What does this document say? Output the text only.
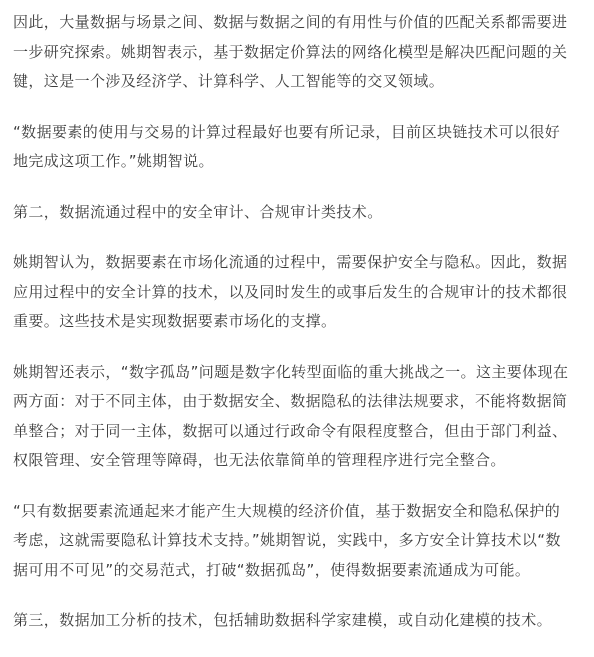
因此，大量数据与场景之间、数据与数据之间的有用性与价值的匹配关系都需要进
一步研究探索。姚期智表示，基于数据定价算法的网络化模型是解决匹配问题的关
键，这是一个涉及经济学、计算科学、人工智能等的交叉领域。

“数据要素的使用与交易的计算过程最好也要有所记录，目前区块链技术可以很好
地完成这项工作。”姚期智说。

第二，数据流通过程中的安全审计、合规审计类技术。

姚期智认为，数据要素在市场化流通的过程中，需要保护安全与隐私。因此，数据
应用过程中的安全计算的技术，以及同时发生的或事后发生的合规审计的技术都很
重要。这些技术是实现数据要素市场化的支撑。

姚期智还表示，“数字孤岛”问题是数字化转型面临的重大挑战之一。这主要体现在
两方面：对于不同主体，由于数据安全、数据隐私的法律法规要求，不能将数据简
单整合；对于同一主体，数据可以通过行政命令有限程度整合，但由于部门利益、
权限管理、安全管理等障碍，也无法依靠简单的管理程序进行完全整合。

“只有数据要素流通起来才能产生大规模的经济价值，基于数据安全和隐私保护的
考虑，这就需要隐私计算技术支持。”姚期智说，实践中，多方安全计算技术以“数
据可用不可见”的交易范式，打破“数据孤岛”，使得数据要素流通成为可能。

第三，数据加工分析的技术，包括辅助数据科学家建模，或自动化建模的技术。
